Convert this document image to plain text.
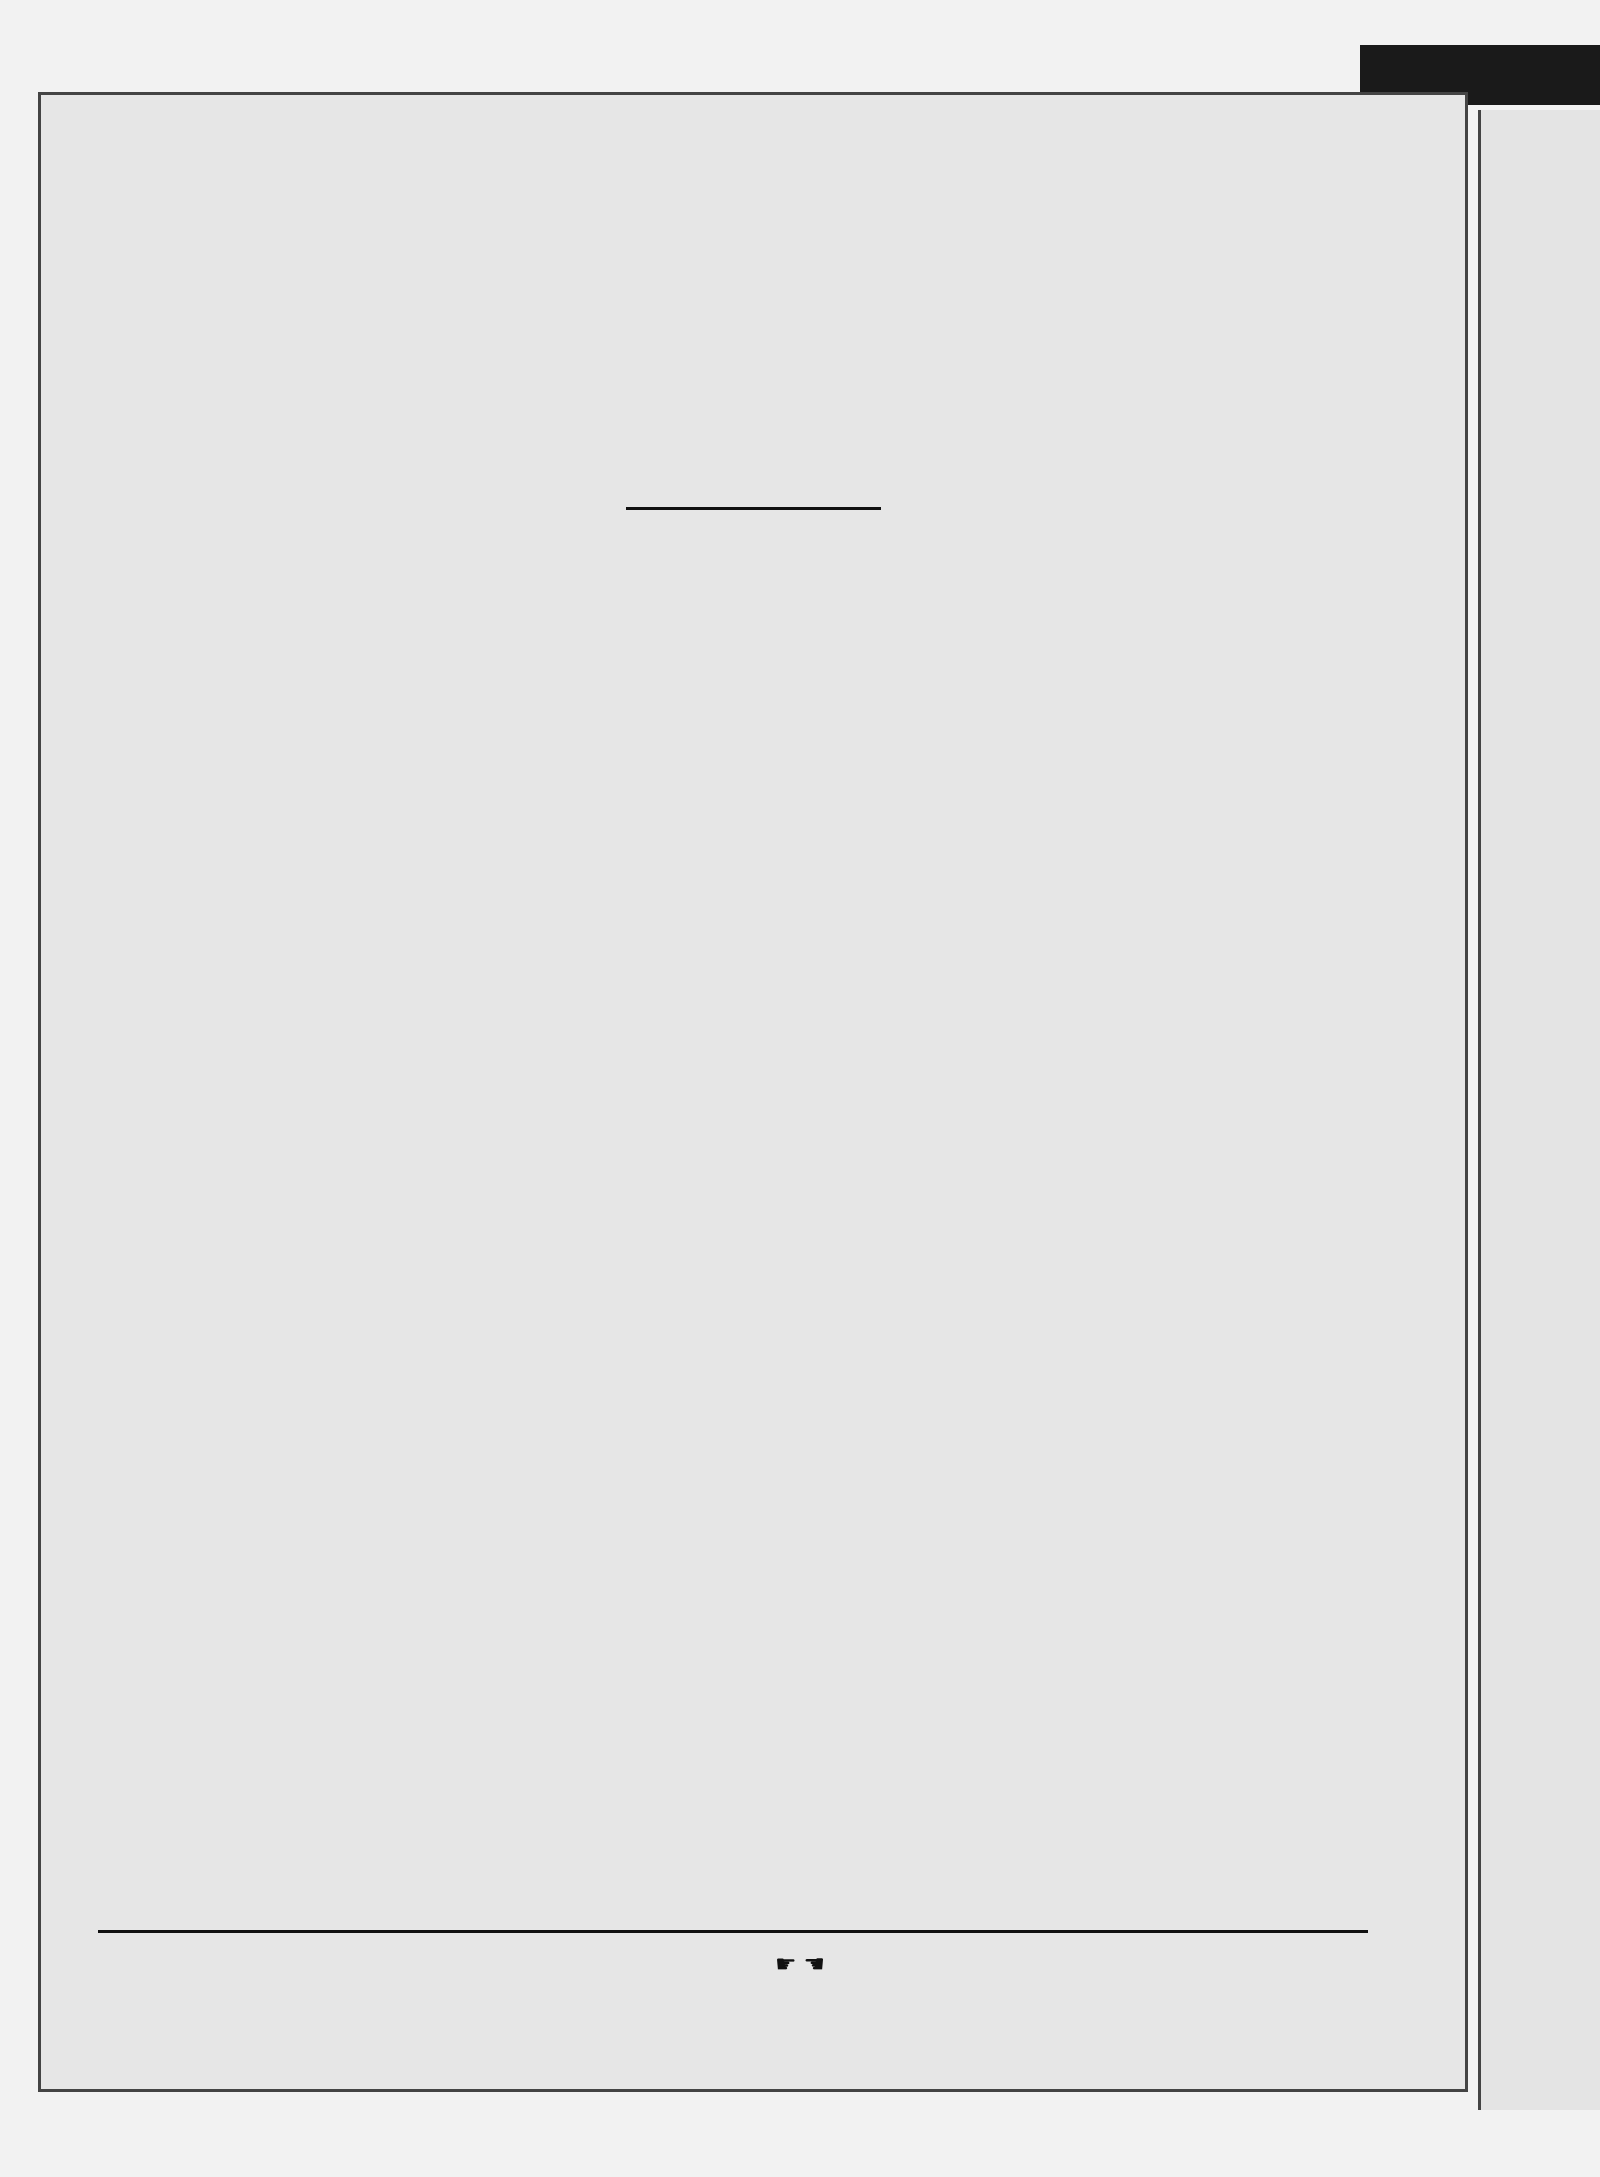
☛ ☚
